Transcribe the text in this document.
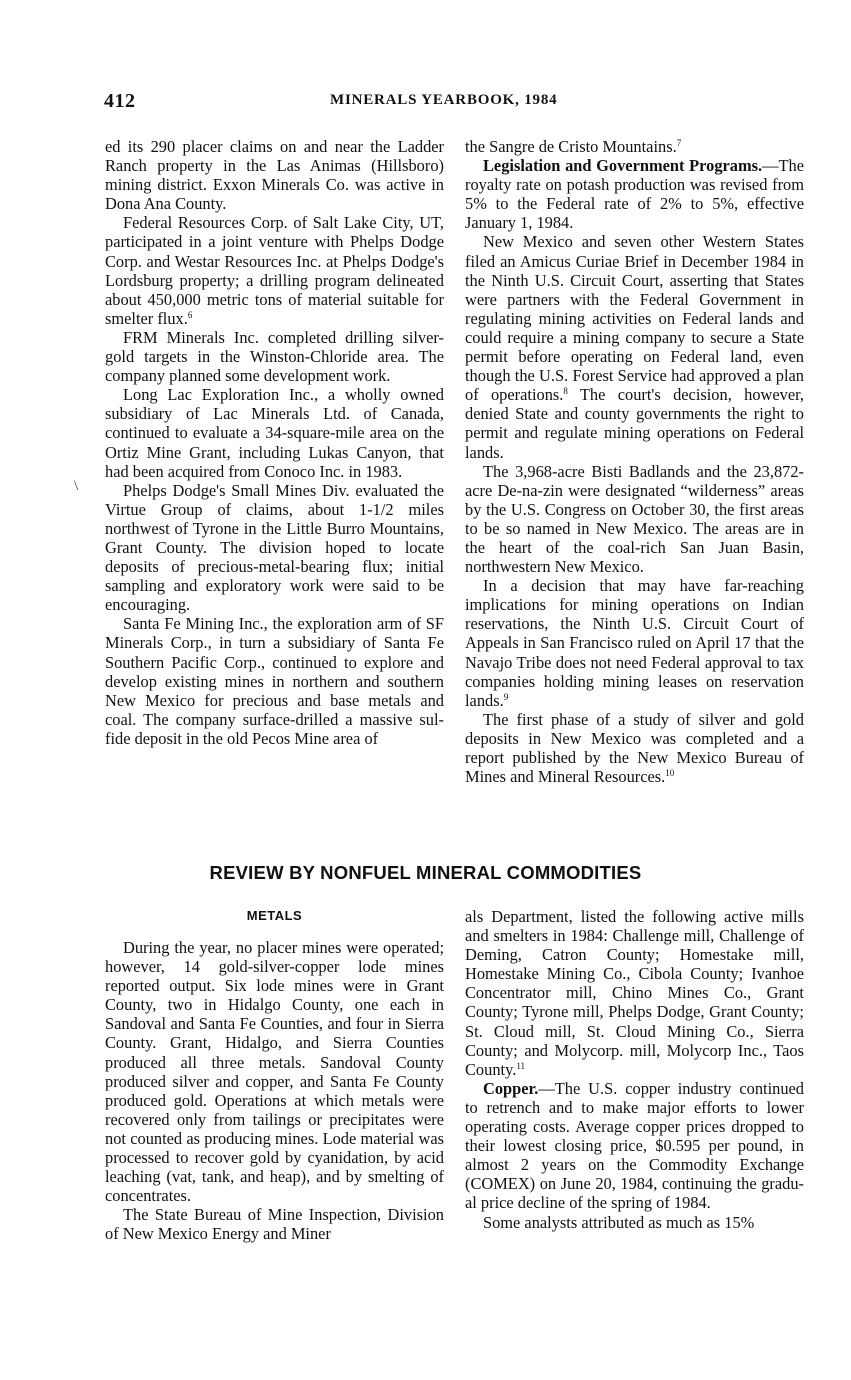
412	MINERALS YEARBOOK, 1984
\

ed its 290 placer claims on and near the Ladder Ranch property in the Las Animas (Hillsboro) mining district. Exxon Minerals Co. was active in Dona Ana County.

Federal Resources Corp. of Salt Lake City, UT, participated in a joint venture with Phelps Dodge Corp. and Westar Resources Inc. at Phelps Dodge's Lordsburg property; a drilling program delineated about 450,000 metric tons of material suitable for smelter flux.$^6$

FRM Minerals Inc. completed drilling silver-gold targets in the Winston-Chloride area. The company planned some development work.

Long Lac Exploration Inc., a wholly owned subsidiary of Lac Minerals Ltd. of Canada, continued to evaluate a 34-square-mile area on the Ortiz Mine Grant, including Lukas Canyon, that had been acquired from Conoco Inc. in 1983.

Phelps Dodge's Small Mines Div. evaluated the Virtue Group of claims, about 1-1/2 miles northwest of Tyrone in the Little Burro Mountains, Grant County. The division hoped to locate deposits of precious-metal-bearing flux; initial sampling and exploratory work were said to be encouraging.

Santa Fe Mining Inc., the exploration arm of SF Minerals Corp., in turn a subsidiary of Santa Fe Southern Pacific Corp., continued to explore and develop existing mines in northern and southern New Mexico for precious and base metals and coal. The company surface-drilled a massive sulfide deposit in the old Pecos Mine area of

the Sangre de Cristo Mountains.$^7$

Legislation and Government Programs.—The royalty rate on potash production was revised from 5% to the Federal rate of 2% to 5%, effective January 1, 1984.

New Mexico and seven other Western States filed an Amicus Curiae Brief in December 1984 in the Ninth U.S. Circuit Court, asserting that States were partners with the Federal Government in regulating mining activities on Federal lands and could require a mining company to secure a State permit before operating on Federal land, even though the U.S. Forest Service had approved a plan of operations.$^8$ The court's decision, however, denied State and county governments the right to permit and regulate mining operations on Federal lands.

The 3,968-acre Bisti Badlands and the 23,872-acre De-na-zin were designated “wilderness” areas by the U.S. Congress on October 30, the first areas to be so named in New Mexico. The areas are in the heart of the coal-rich San Juan Basin, northwestern New Mexico.

In a decision that may have far-reaching implications for mining operations on Indian reservations, the Ninth U.S. Circuit Court of Appeals in San Francisco ruled on April 17 that the Navajo Tribe does not need Federal approval to tax companies holding mining leases on reservation lands.$^9$

The first phase of a study of silver and gold deposits in New Mexico was completed and a report published by the New Mexico Bureau of Mines and Mineral Resources.$^{10}$

REVIEW BY NONFUEL MINERAL COMMODITIES
METALS

During the year, no placer mines were operated; however, 14 gold-silver-copper lode mines reported output. Six lode mines were in Grant County, two in Hidalgo County, one each in Sandoval and Santa Fe Counties, and four in Sierra County. Grant, Hidalgo, and Sierra Counties produced all three metals. Sandoval County produced silver and copper, and Santa Fe County produced gold. Operations at which metals were recovered only from tailings or precipitates were not counted as producing mines. Lode material was processed to recover gold by cyanidation, by acid leaching (vat, tank, and heap), and by smelting of concentrates.

The State Bureau of Mine Inspection, Division of New Mexico Energy and Miner

als Department, listed the following active mills and smelters in 1984: Challenge mill, Challenge of Deming, Catron County; Homestake mill, Homestake Mining Co., Cibola County; Ivanhoe Concentrator mill, Chino Mines Co., Grant County; Tyrone mill, Phelps Dodge, Grant County; St. Cloud mill, St. Cloud Mining Co., Sierra County; and Molycorp. mill, Molycorp Inc., Taos County.$^{11}$

Copper.—The U.S. copper industry continued to retrench and to make major efforts to lower operating costs. Average copper prices dropped to their lowest closing price, $0.595 per pound, in almost 2 years on the Commodity Exchange (COMEX) on June 20, 1984, continuing the gradual price decline of the spring of 1984.

Some analysts attributed as much as 15%
